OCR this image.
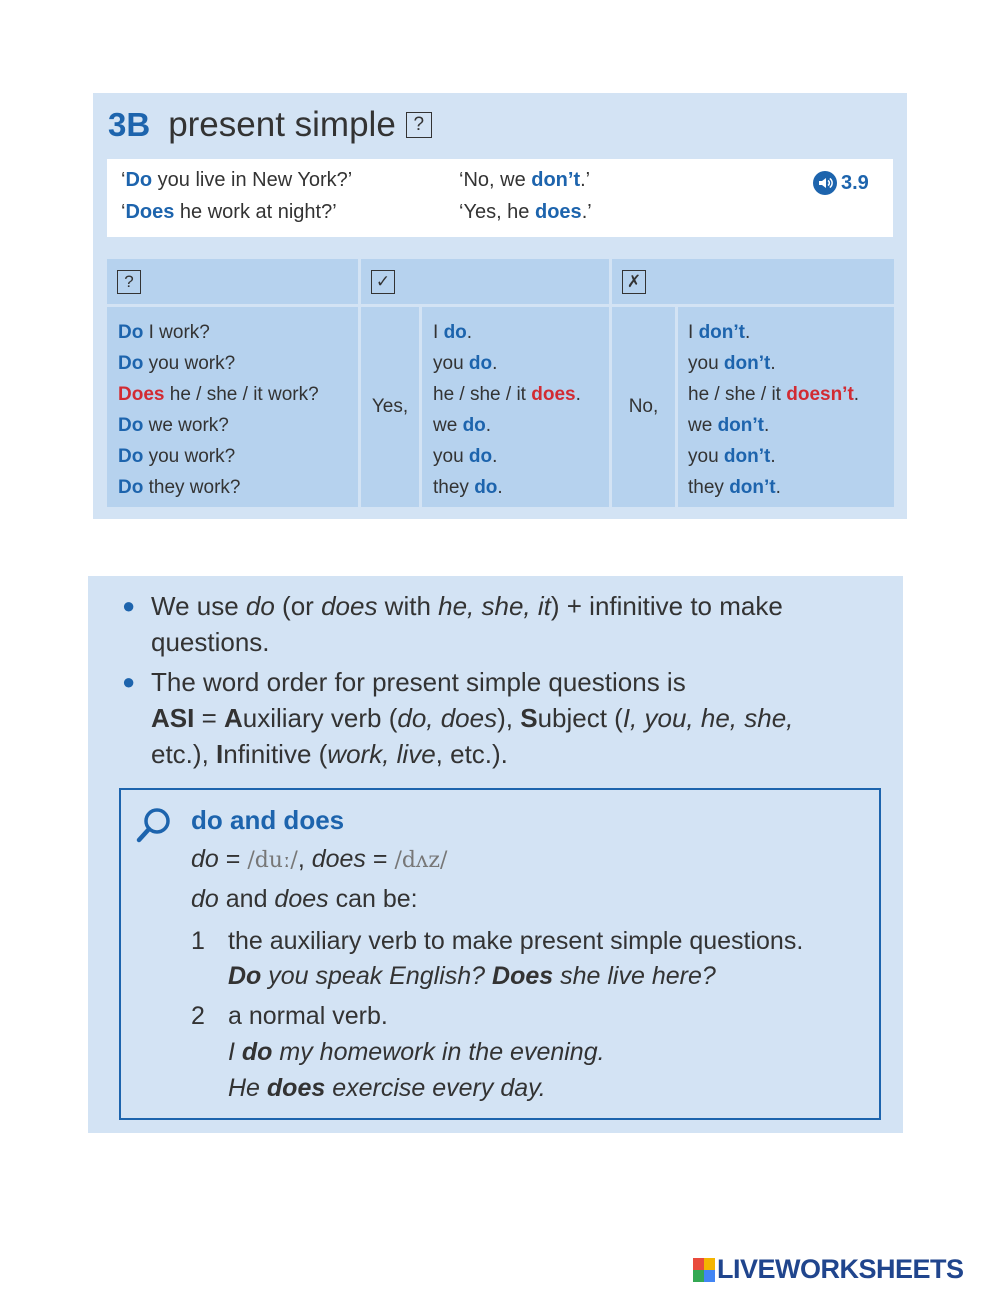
3B present simple ?
‘Do you live in New York?’
‘Does he work at night?’
‘No, we don’t.’
‘Yes, he does.’
3.9
?	✓	✗
Do I work?
Do you work?
Does he / she / it work?
Do we work?
Do you work?
Do they work?
Yes,
I do.
you do.
he / she / it does.
we do.
you do.
they do.
No,
I don’t.
you don’t.
he / she / it doesn’t.
we don’t.
you don’t.
they don’t.
● We use do (or does with he, she, it) + infinitive to make
questions.
● The word order for present simple questions is
ASI = Auxiliary verb (do, does), Subject (I, you, he, she,
etc.), Infinitive (work, live, etc.).
do and does
do = /duː/, does = /dʌz/
do and does can be:
1 the auxiliary verb to make present simple questions.
Do you speak English? Does she live here?
2 a normal verb.
I do my homework in the evening.
He does exercise every day.
LIVEWORKSHEETS
